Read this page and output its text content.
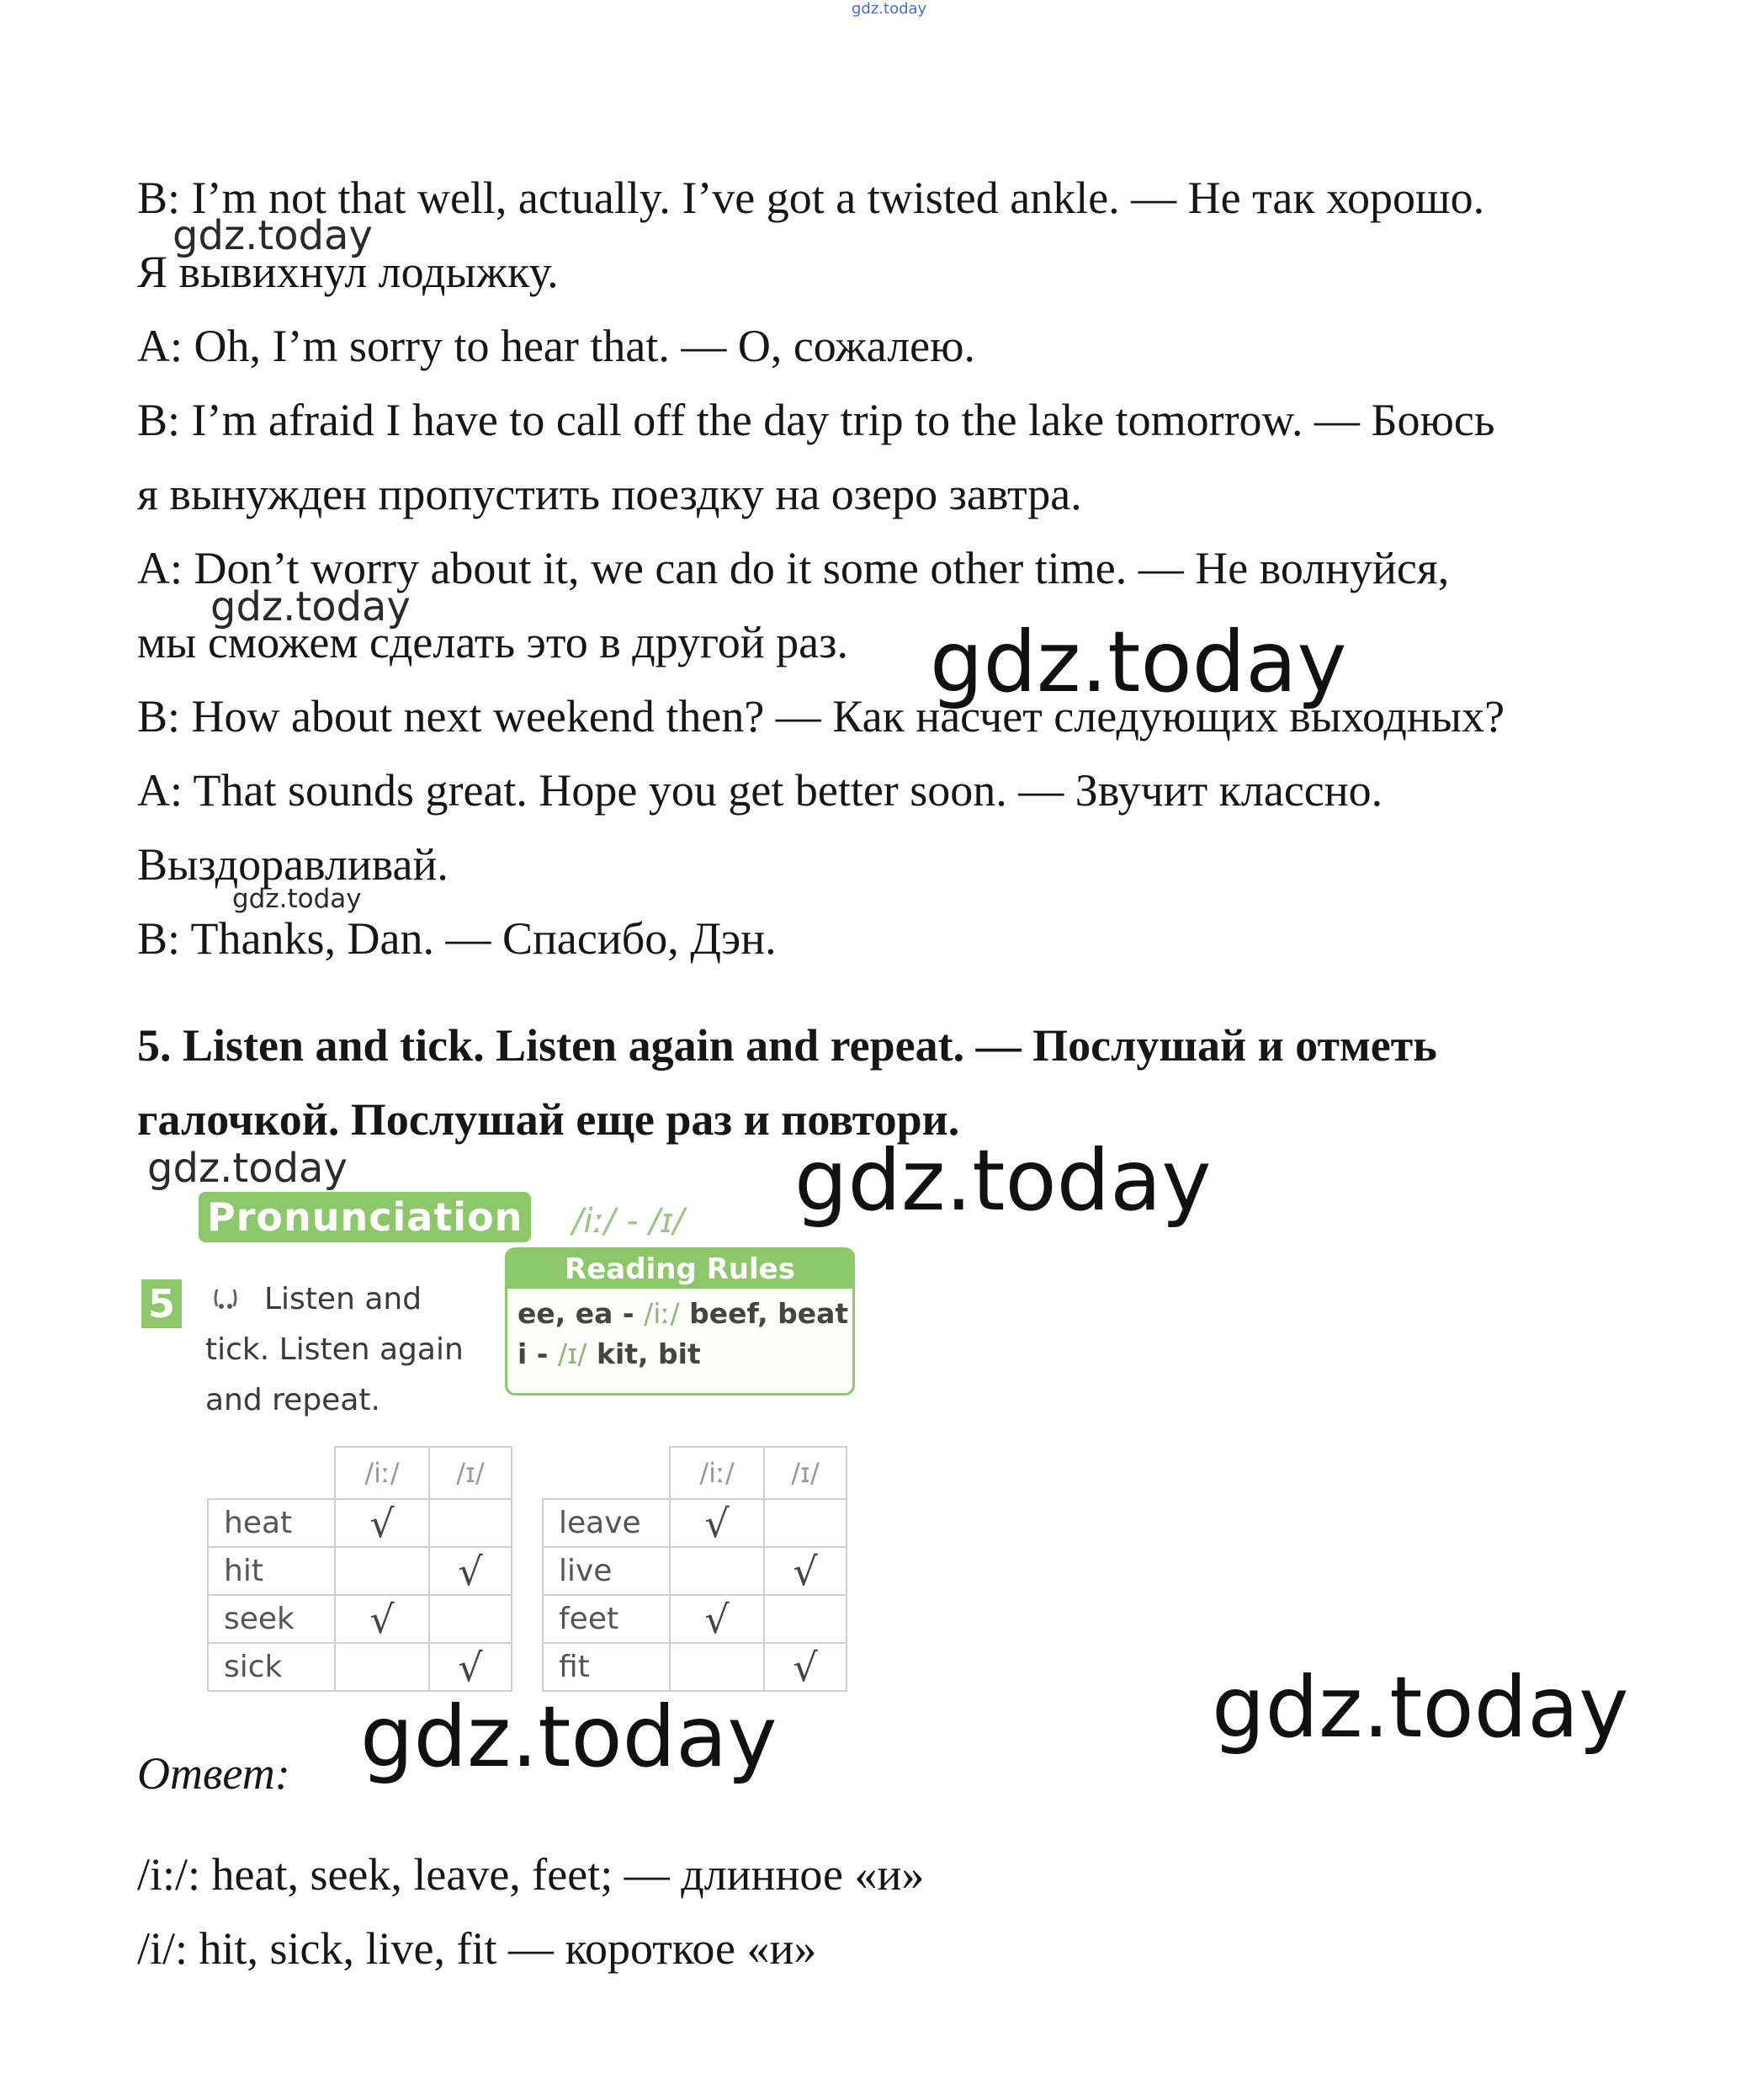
gdz.today
B: I’m not that well, actually. I’ve got a twisted ankle. — Не так хорошо.
Я вывихнул лодыжку.
A: Oh, I’m sorry to hear that. — О, сожалею.
B: I’m afraid I have to call off the day trip to the lake tomorrow. — Боюсь
я вынужден пропустить поездку на озеро завтра.
A: Don’t worry about it, we can do it some other time. — Не волнуйся,
мы сможем сделать это в другой раз.
B: How about next weekend then? — Как насчет следующих выходных?
A: That sounds great. Hope you get better soon. — Звучит классно.
Выздоравливай.
B: Thanks, Dan. — Спасибо, Дэн.
5. Listen and tick. Listen again and repeat. — Послушай и отметь
галочкой. Послушай еще раз и повтори.
Pronunciation /iː/ - /ɪ/
5	Listen and
tick. Listen again
and repeat.
Reading Rules
ee, ea - /iː/ beef, beat
i - /ɪ/ kit, bit
	/iː/	/ɪ/
heat	√	
hit		√
seek	√	
sick		√
	/iː/	/ɪ/
leave	√	
live		√
feet	√	
fit		√
Ответ:
/i:/: heat, seek, leave, feet; — длинное «и»
/i/: hit, sick, live, fit — короткое «и»
gdz.today
gdz.today
gdz.today
gdz.today
gdz.today	gdz.today
gdz.today	gdz.today
